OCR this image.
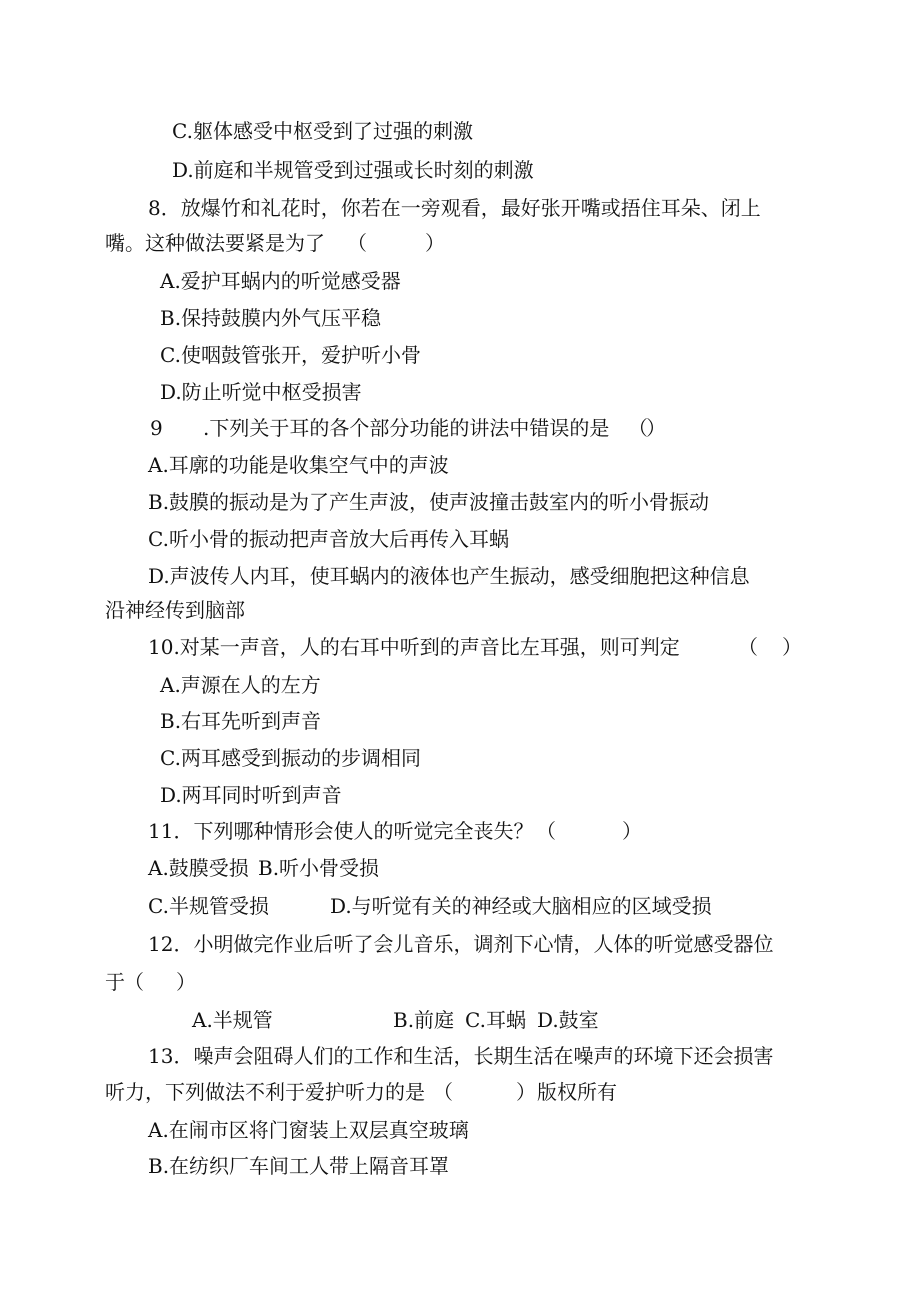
C.躯体感受中枢受到了过强的刺激
D.前庭和半规管受到过强或长时刻的刺激
8．放爆竹和礼花时，你若在一旁观看，最好张开嘴或捂住耳朵、闭上
嘴。这种做法要紧是为了 （	）
A.爱护耳蜗内的听觉感受器
B.保持鼓膜内外气压平稳
C.使咽鼓管张开，爱护听小骨
D.防止听觉中枢受损害
9 .下列关于耳的各个部分功能的讲法中错误的是 （
）
A.耳廓的功能是收集空气中的声波
B.鼓膜的振动是为了产生声波，使声波撞击鼓室内的听小骨振动
C.听小骨的振动把声音放大后再传入耳蜗
D.声波传人内耳，使耳蜗内的液体也产生振动，感受细胞把这种信息
沿神经传到脑部
10.对某一声音，人的右耳中听到的声音比左耳强，则可判定	（ ）
A.声源在人的左方
B.右耳先听到声音
C.两耳感受到振动的步调相同
D.两耳同时听到声音
11．下列哪种情形会使人的听觉完全丧失？ （	）
A.鼓膜受损 B.听小骨受损
C.半规管受损	D.与听觉有关的神经或大脑相应的区域受损
12．小明做完作业后听了会儿音乐，调剂下心情，人体的听觉感受器位
于 （ ）
A.半规管	B.前庭 C.耳蜗 D.鼓室
13．噪声会阻碍人们的工作和生活，长期生活在噪声的环境下还会损害
听力，下列做法不利于爱护听力的是 （	） 版权所有
A.在闹市区将门窗装上双层真空玻璃
B.在纺织厂车间工人带上隔音耳罩
